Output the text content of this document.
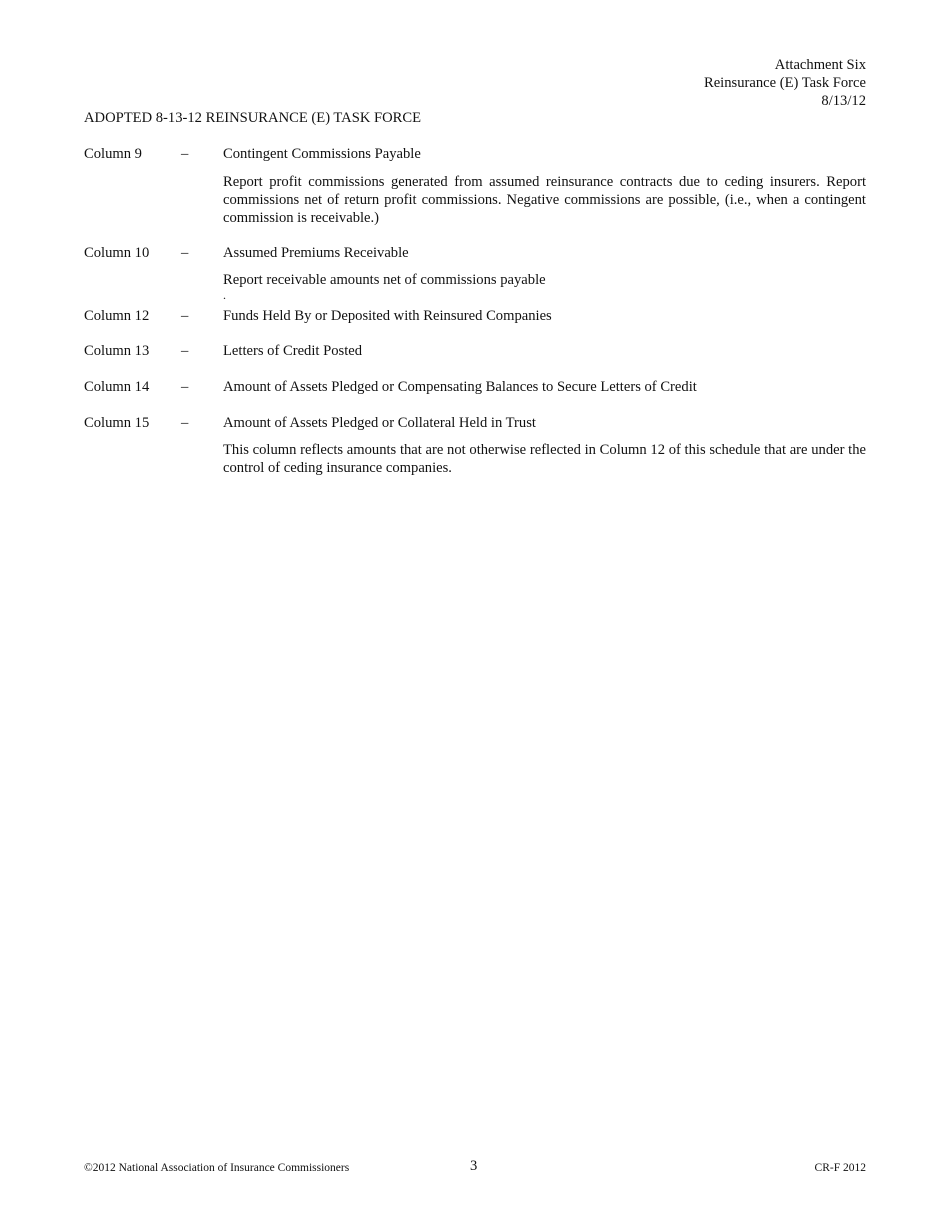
Attachment Six
Reinsurance (E) Task Force
8/13/12
ADOPTED 8-13-12 REINSURANCE (E) TASK FORCE
Column 9	– Contingent Commissions Payable
Report profit commissions generated from assumed reinsurance contracts due to ceding insurers. Report commissions net of return profit commissions. Negative commissions are possible, (i.e., when a contingent commission is receivable.)
Column 10 – Assumed Premiums Receivable
Report receivable amounts net of commissions payable
.
Column 12 – Funds Held By or Deposited with Reinsured Companies
Column 13 – Letters of Credit Posted
Column 14 – Amount of Assets Pledged or Compensating Balances to Secure Letters of Credit
Column 15 – Amount of Assets Pledged or Collateral Held in Trust
This column reflects amounts that are not otherwise reflected in Column 12 of this schedule that are under the control of ceding insurance companies.
©2012 National Association of Insurance Commissioners	3	CR-F 2012
